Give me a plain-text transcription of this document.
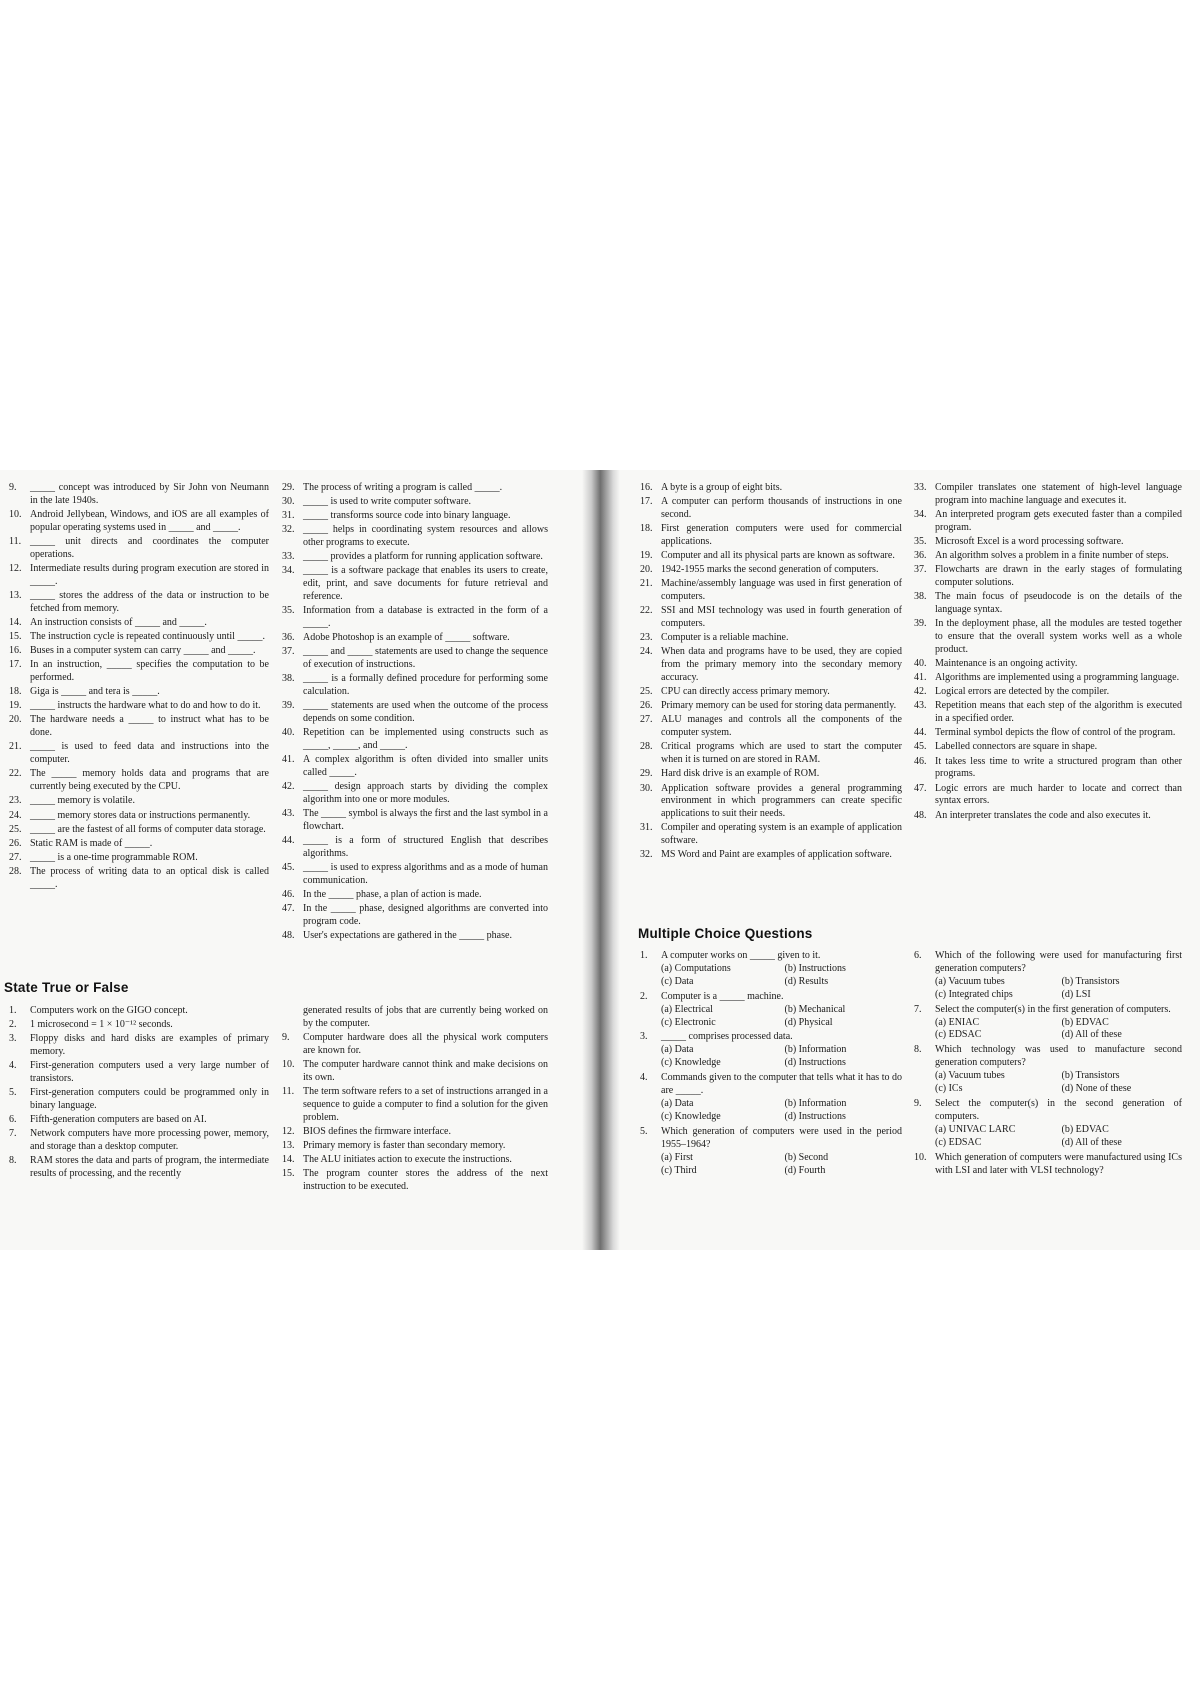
9.	_____ concept was introduced by Sir John von Neumann in the late 1940s.
10. Android Jellybean, Windows, and iOS are all examples of popular operating systems used in _____ and _____.
11. _____ unit directs and coordinates the computer operations.
12. Intermediate results during program execution are stored in _____.
13. _____ stores the address of the data or instruction to be fetched from memory.
14. An instruction consists of _____ and _____.
15. The instruction cycle is repeated continuously until _____.
16. Buses in a computer system can carry _____ and _____.
17. In an instruction, _____ specifies the computation to be performed.
18. Giga is _____ and tera is _____.
19. _____ instructs the hardware what to do and how to do it.
20. The hardware needs a _____ to instruct what has to be done.
21. _____ is used to feed data and instructions into the computer.
22. The _____ memory holds data and programs that are currently being executed by the CPU.
23. _____ memory is volatile.
24. _____ memory stores data or instructions permanently.
25. _____ are the fastest of all forms of computer data storage.
26. Static RAM is made of _____.
27. _____ is a one-time programmable ROM.
28. The process of writing data to an optical disk is called _____.
29. The process of writing a program is called _____.
30. _____ is used to write computer software.
31. _____ transforms source code into binary language.
32. _____ helps in coordinating system resources and allows other programs to execute.
33. _____ provides a platform for running application software.
34. _____ is a software package that enables its users to create, edit, print, and save documents for future retrieval and reference.
35. Information from a database is extracted in the form of a _____.
36. Adobe Photoshop is an example of _____ software.
37. _____ and _____ statements are used to change the sequence of execution of instructions.
38. _____ is a formally defined procedure for performing some calculation.
39. _____ statements are used when the outcome of the process depends on some condition.
40. Repetition can be implemented using constructs such as _____, _____, and _____.
41. A complex algorithm is often divided into smaller units called _____.
42. _____ design approach starts by dividing the complex algorithm into one or more modules.
43. The _____ symbol is always the first and the last symbol in a flowchart.
44. _____ is a form of structured English that describes algorithms.
45. _____ is used to express algorithms and as a mode of human communication.
46. In the _____ phase, a plan of action is made.
47. In the _____ phase, designed algorithms are converted into program code.
48. User's expectations are gathered in the _____ phase.
State True or False
1.	Computers work on the GIGO concept.
2.	1 microsecond = 1 × 10⁻¹² seconds.
3.	Floppy disks and hard disks are examples of primary memory.
4.	First-generation computers used a very large number of transistors.
5.	First-generation computers could be programmed only in binary language.
6.	Fifth-generation computers are based on AI.
7.	Network computers have more processing power, memory, and storage than a desktop computer.
8.	RAM stores the data and parts of program, the intermediate results of processing, and the recently
generated results of jobs that are currently being worked on by the computer.
9.	Computer hardware does all the physical work computers are known for.
10. The computer hardware cannot think and make decisions on its own.
11. The term software refers to a set of instructions arranged in a sequence to guide a computer to find a solution for the given problem.
12. BIOS defines the firmware interface.
13. Primary memory is faster than secondary memory.
14. The ALU initiates action to execute the instructions.
15. The program counter stores the address of the next instruction to be executed.
16. A byte is a group of eight bits.
17. A computer can perform thousands of instructions in one second.
18. First generation computers were used for commercial applications.
19. Computer and all its physical parts are known as software.
20. 1942-1955 marks the second generation of computers.
21. Machine/assembly language was used in first generation of computers.
22. SSI and MSI technology was used in fourth generation of computers.
23. Computer is a reliable machine.
24. When data and programs have to be used, they are copied from the primary memory into the secondary memory accuracy.
25. CPU can directly access primary memory.
26. Primary memory can be used for storing data permanently.
27. ALU manages and controls all the components of the computer system.
28. Critical programs which are used to start the computer when it is turned on are stored in RAM.
29. Hard disk drive is an example of ROM.
30. Application software provides a general programming environment in which programmers can create specific applications to suit their needs.
31. Compiler and operating system is an example of application software.
32. MS Word and Paint are examples of application software.
33. Compiler translates one statement of high-level language program into machine language and executes it.
34. An interpreted program gets executed faster than a compiled program.
35. Microsoft Excel is a word processing software.
36. An algorithm solves a problem in a finite number of steps.
37. Flowcharts are drawn in the early stages of formulating computer solutions.
38. The main focus of pseudocode is on the details of the language syntax.
39. In the deployment phase, all the modules are tested together to ensure that the overall system works well as a whole product.
40. Maintenance is an ongoing activity.
41. Algorithms are implemented using a programming language.
42. Logical errors are detected by the compiler.
43. Repetition means that each step of the algorithm is executed in a specified order.
44. Terminal symbol depicts the flow of control of the program.
45. Labelled connectors are square in shape.
46. It takes less time to write a structured program than other programs.
47. Logic errors are much harder to locate and correct than syntax errors.
48. An interpreter translates the code and also executes it.
Multiple Choice Questions
1.	A computer works on _____ given to it.
(a) Computations	(b) Instructions
(c) Data	(d) Results
2.	Computer is a _____ machine.
(a) Electrical	(b) Mechanical
(c) Electronic	(d) Physical
3.	_____ comprises processed data.
(a) Data	(b) Information
(c) Knowledge	(d) Instructions
4.	Commands given to the computer that tells what it has to do are _____.
(a) Data	(b) Information
(c) Knowledge	(d) Instructions
5.	Which generation of computers were used in the period 1955–1964?
(a) First	(b) Second
(c) Third	(d) Fourth
6.	Which of the following were used for manufacturing first generation computers?
(a) Vacuum tubes	(b) Transistors
(c) Integrated chips	(d) LSI
7.	Select the computer(s) in the first generation of computers.
(a) ENIAC	(b) EDVAC
(c) EDSAC	(d) All of these
8.	Which technology was used to manufacture second generation computers?
(a) Vacuum tubes	(b) Transistors
(c) ICs	(d) None of these
9.	Select the computer(s) in the second generation of computers.
(a) UNIVAC LARC	(b) EDVAC
(c) EDSAC	(d) All of these
10. Which generation of computers were manufactured using ICs with LSI and later with VLSI technology?
